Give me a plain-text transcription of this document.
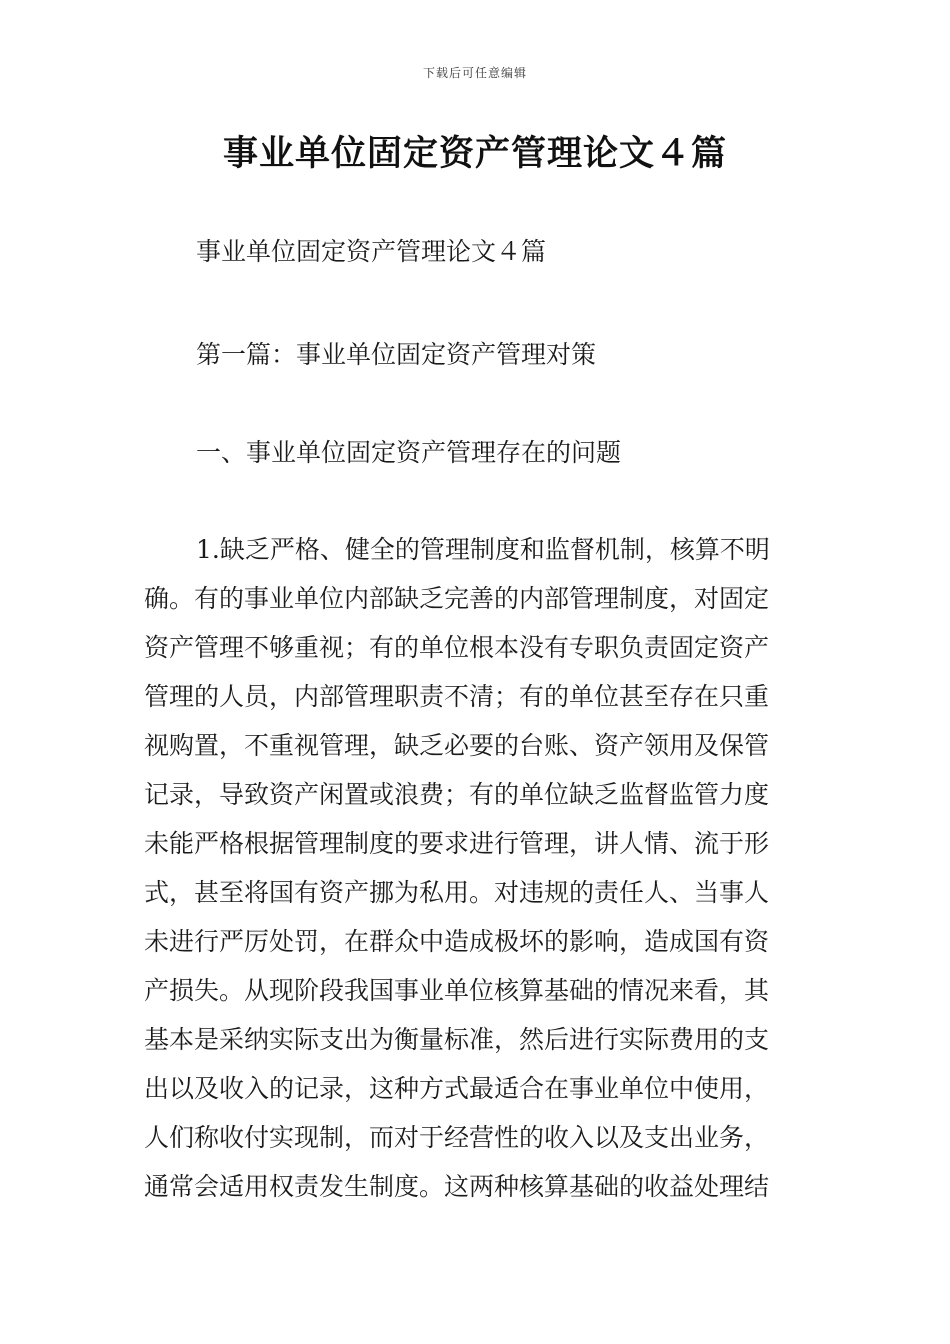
下载后可任意编辑
事业单位固定资产管理论文４篇
事业单位固定资产管理论文４篇
第一篇：事业单位固定资产管理对策
一、事业单位固定资产管理存在的问题
1.缺乏严格、健全的管理制度和监督机制，核算不明
确。有的事业单位内部缺乏完善的内部管理制度，对固定
资产管理不够重视；有的单位根本没有专职负责固定资产
管理的人员，内部管理职责不清；有的单位甚至存在只重
视购置，不重视管理，缺乏必要的台账、资产领用及保管
记录，导致资产闲置或浪费；有的单位缺乏监督监管力度
未能严格根据管理制度的要求进行管理，讲人情、流于形
式，甚至将国有资产挪为私用。对违规的责任人、当事人
未进行严厉处罚，在群众中造成极坏的影响，造成国有资
产损失。从现阶段我国事业单位核算基础的情况来看，其
基本是采纳实际支出为衡量标准，然后进行实际费用的支
出以及收入的记录，这种方式最适合在事业单位中使用，
人们称收付实现制，而对于经营性的收入以及支出业务，
通常会适用权责发生制度。这两种核算基础的收益处理结
